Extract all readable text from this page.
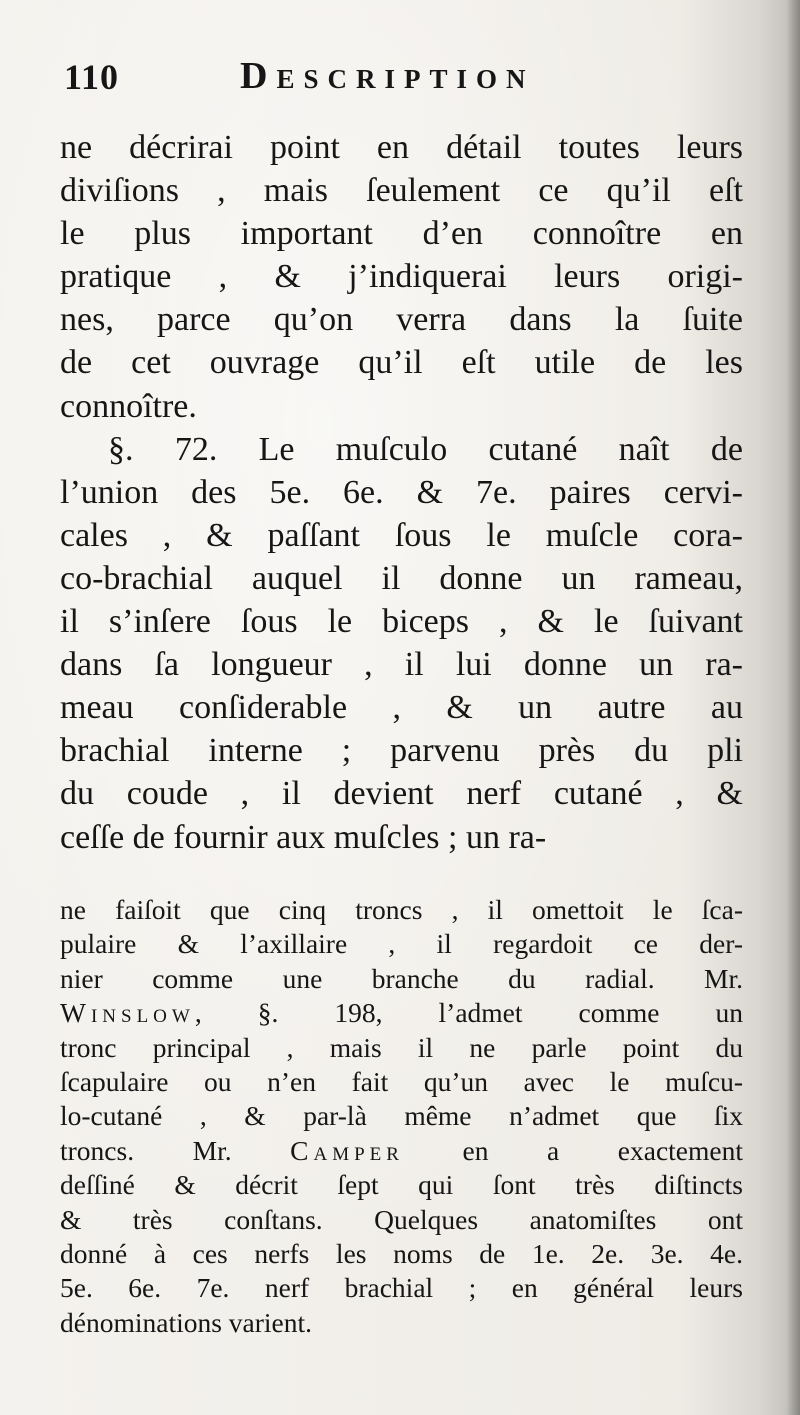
110	Description
ne décrirai point en détail toutes leurs
diviſions , mais ſeulement ce qu’il eſt
le plus important d’en connoître en
pratique , & j’indiquerai leurs origi-
nes, parce qu’on verra dans la ſuite
de cet ouvrage qu’il eſt utile de les
connoître.
§. 72. Le muſculo cutané naît de
l’union des 5e. 6e. & 7e. paires cervi-
cales , & paſſant ſous le muſcle cora-
co-brachial auquel il donne un rameau,
il s’inſere ſous le biceps , & le ſuivant
dans ſa longueur , il lui donne un ra-
meau conſiderable , & un autre au
brachial interne ; parvenu près du pli
du coude , il devient nerf cutané , &
ceſſe de fournir aux muſcles ; un ra-
ne faiſoit que cinq troncs , il omettoit le ſca-
pulaire & l’axillaire , il regardoit ce der-
nier comme une branche du radial. Mr.
Winslow, §. 198, l’admet comme un
tronc principal , mais il ne parle point du
ſcapulaire ou n’en fait qu’un avec le muſcu-
lo-cutané , & par-là même n’admet que ſix
troncs. Mr. Camper en a exactement
deſſiné & décrit ſept qui ſont très diſtincts
& très conſtans. Quelques anatomiſtes ont
donné à ces nerfs les noms de 1e. 2e. 3e. 4e.
5e. 6e. 7e. nerf brachial ; en général leurs
dénominations varient.
